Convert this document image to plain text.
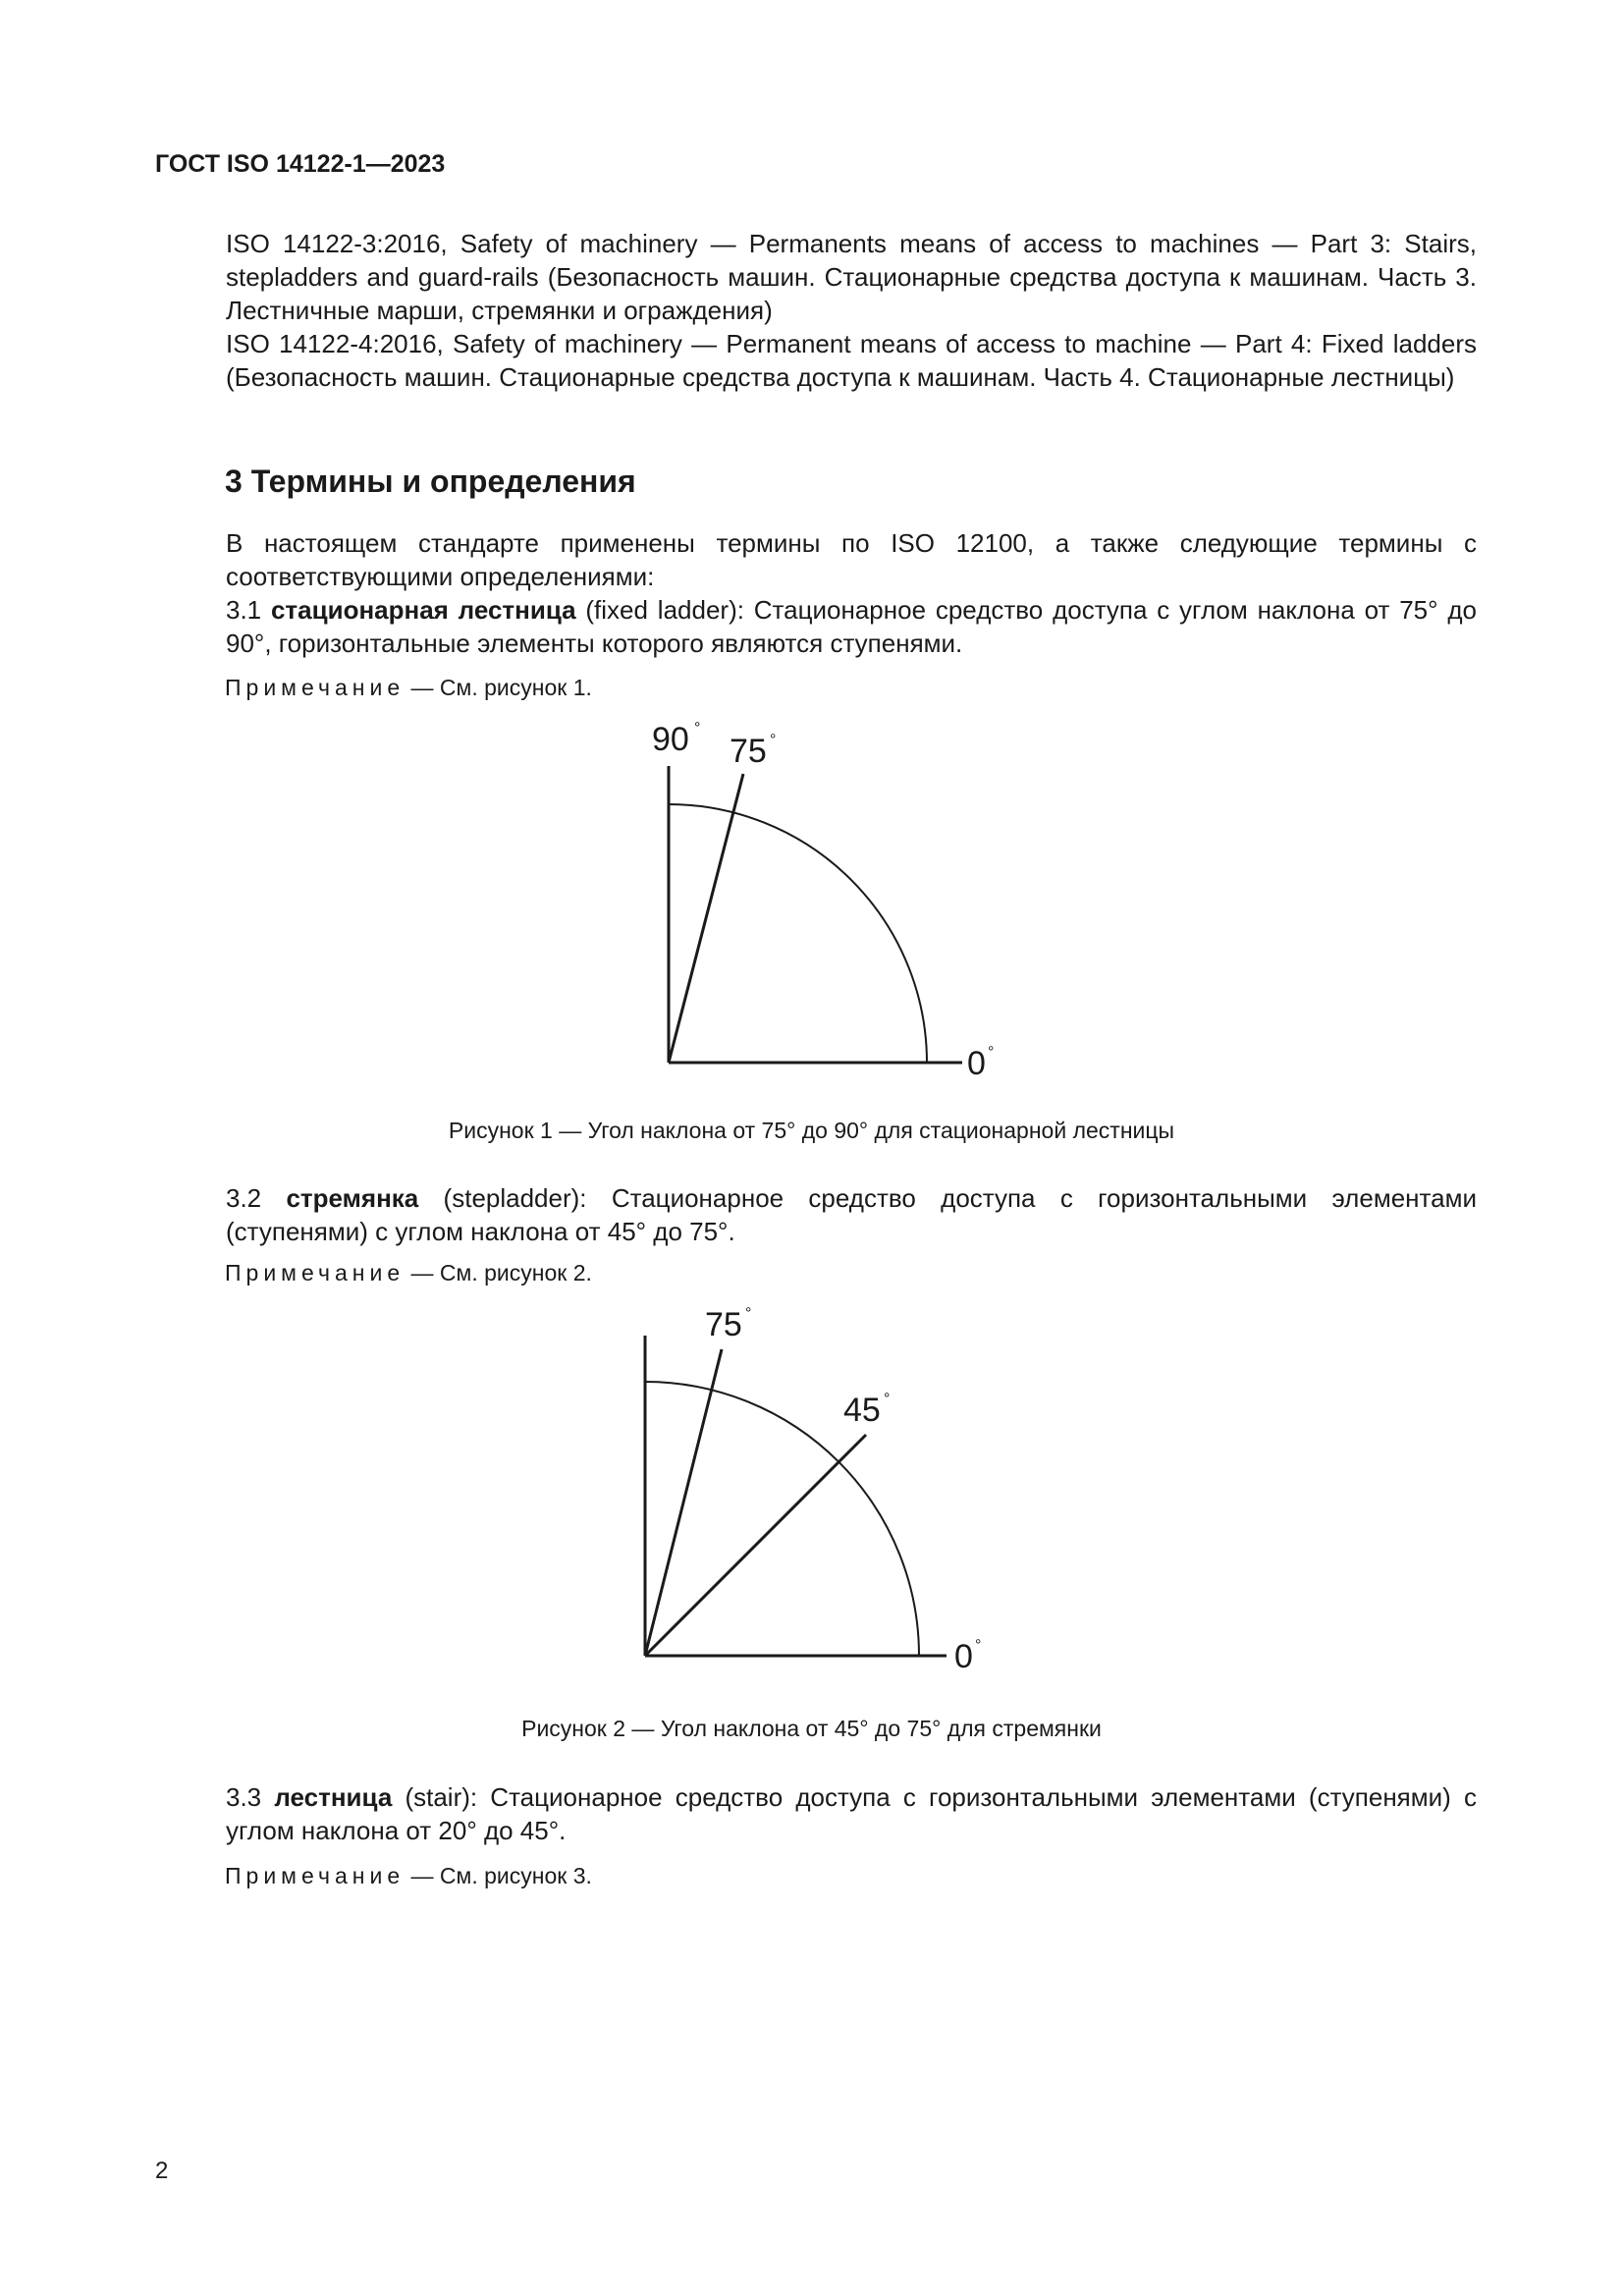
ГОСТ ISO 14122-1—2023
ISO 14122-3:2016, Safety of machinery — Permanents means of access to machines — Part 3: Stairs, stepladders and guard-rails (Безопасность машин. Стационарные средства доступа к машинам. Часть 3. Лестничные марши, стремянки и ограждения)
ISO 14122-4:2016, Safety of machinery — Permanent means of access to machine — Part 4: Fixed ladders (Безопасность машин. Стационарные средства доступа к машинам. Часть 4. Стационарные лестницы)
3 Термины и определения
В настоящем стандарте применены термины по ISO 12100, а также следующие термины с соответствующими определениями:
3.1 стационарная лестница (fixed ladder): Стационарное средство доступа с углом наклона от 75° до 90°, горизонтальные элементы которого являются ступенями.
Примечание — См. рисунок 1.
90 °
75 °
0 °
Рисунок 1 — Угол наклона от 75° до 90° для стационарной лестницы
3.2 стремянка (stepladder): Стационарное средство доступа с горизонтальными элементами (ступенями) с углом наклона от 45° до 75°.
Примечание — См. рисунок 2.
75 °
45 °
0 °
Рисунок 2 — Угол наклона от 45° до 75° для стремянки
3.3 лестница (stair): Стационарное средство доступа с горизонтальными элементами (ступенями) с углом наклона от 20° до 45°.
Примечание — См. рисунок 3.
2
